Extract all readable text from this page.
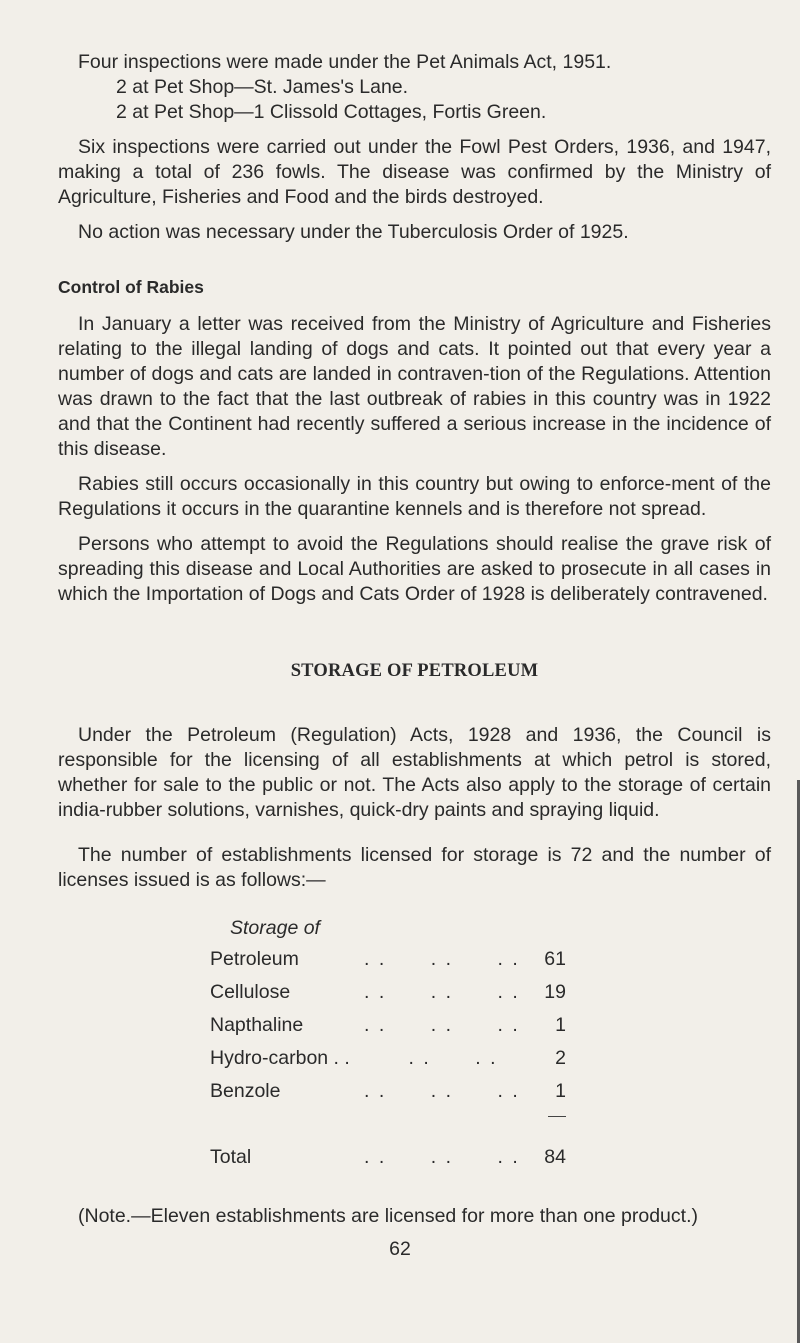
Four inspections were made under the Pet Animals Act, 1951.

2 at Pet Shop—St. James's Lane.

2 at Pet Shop—1 Clissold Cottages, Fortis Green.

Six inspections were carried out under the Fowl Pest Orders, 1936, and 1947, making a total of 236 fowls. The disease was confirmed by the Ministry of Agriculture, Fisheries and Food and the birds destroyed.

No action was necessary under the Tuberculosis Order of 1925.

Control of Rabies

In January a letter was received from the Ministry of Agriculture and Fisheries relating to the illegal landing of dogs and cats. It pointed out that every year a number of dogs and cats are landed in contraven-tion of the Regulations. Attention was drawn to the fact that the last outbreak of rabies in this country was in 1922 and that the Continent had recently suffered a serious increase in the incidence of this disease.

Rabies still occurs occasionally in this country but owing to enforce-ment of the Regulations it occurs in the quarantine kennels and is therefore not spread.

Persons who attempt to avoid the Regulations should realise the grave risk of spreading this disease and Local Authorities are asked to prosecute in all cases in which the Importation of Dogs and Cats Order of 1928 is deliberately contravened.

STORAGE OF PETROLEUM

Under the Petroleum (Regulation) Acts, 1928 and 1936, the Council is responsible for the licensing of all establishments at which petrol is stored, whether for sale to the public or not. The Acts also apply to the storage of certain india-rubber solutions, varnishes, quick-dry paints and spraying liquid.

The number of establishments licensed for storage is 72 and the number of licenses issued is as follows:—

Storage of
Petroleum	. .      . .      . .	61
Cellulose	. .      . .      . .	19
Napthaline	. .      . .      . .	1
Hydro-carbon . .	. .      . .	2
Benzole	. .      . .      . .	1

Total	. .      . .      . .	84

(Note.—Eleven establishments are licensed for more than one product.)

62
